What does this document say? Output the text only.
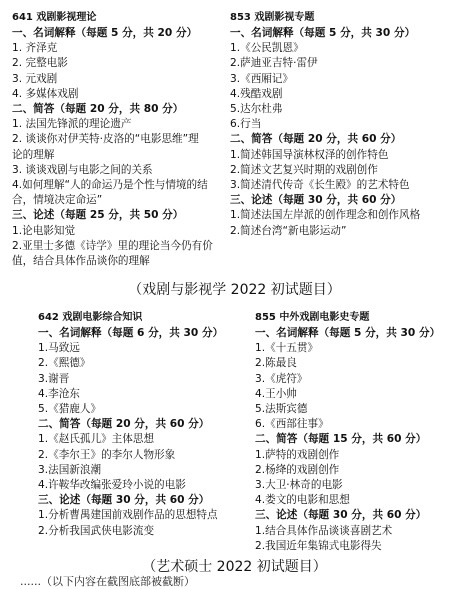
641 戏剧影视理论
一、名词解释（每题 5 分，共 20 分）
1. 齐泽克
2. 完整电影
3. 元戏剧
4. 多媒体戏剧
二、简答（每题 20 分，共 80 分）
1. 法国先锋派的理论遗产
2. 谈谈你对伊芙特·皮洛的“电影思维”理
论的理解
3. 谈谈戏剧与电影之间的关系
4.如何理解“人的命运乃是个性与情境的结
合，情境决定命运”
三、论述（每题 25 分，共 50 分）
1.论电影知觉
2.亚里士多德《诗学》里的理论当今仍有价
值，结合具体作品谈你的理解
853 戏剧影视专题
一、名词解释（每题 5 分，共 30 分）
1.《公民凯恩》
2.萨迪亚吉特·雷伊
3.《西厢记》
4.残酷戏剧
5.达尔杜弗
6.行当
二、简答（每题 20 分，共 60 分）
1.简述韩国导演林权泽的创作特色
2.简述文艺复兴时期的戏剧创作
3.简述清代传奇《长生殿》的艺术特色
三、论述（每题 30 分，共 60 分）
1.简述法国左岸派的创作理念和创作风格
2.简述台湾“新电影运动”
（戏剧与影视学 2022 初试题目）
642 戏剧电影综合知识
一、名词解释（每题 6 分，共 30 分）
1.马致远
2.《熙德》
3.谢晋
4.李沧东
5.《猎鹿人》
二、简答（每题 20 分，共 60 分）
1.《赵氏孤儿》主体思想
2.《李尔王》的李尔人物形象
3.法国新浪潮
4.许鞍华改编张爱玲小说的电影
三、论述（每题 30 分，共 60 分）
1.分析曹禺建国前戏剧作品的思想特点
2.分析我国武侠电影流变
855 中外戏剧电影史专题
一、名词解释（每题 5 分，共 30 分）
1.《十五贯》
2.陈最良
3.《虎符》
4.王小帅
5.法斯宾德
6.《西部往事》
二、简答（每题 15 分，共 60 分）
1.萨特的戏剧创作
2.杨绛的戏剧创作
3.大卫·林奇的电影
4.娄文的电影和思想
三、论述（每题 30 分，共 60 分）
1.结合具体作品谈谈喜剧艺术
2.我国近年集锦式电影得失
（艺术硕士 2022 初试题目）
......（以下内容在截图底部被截断）
